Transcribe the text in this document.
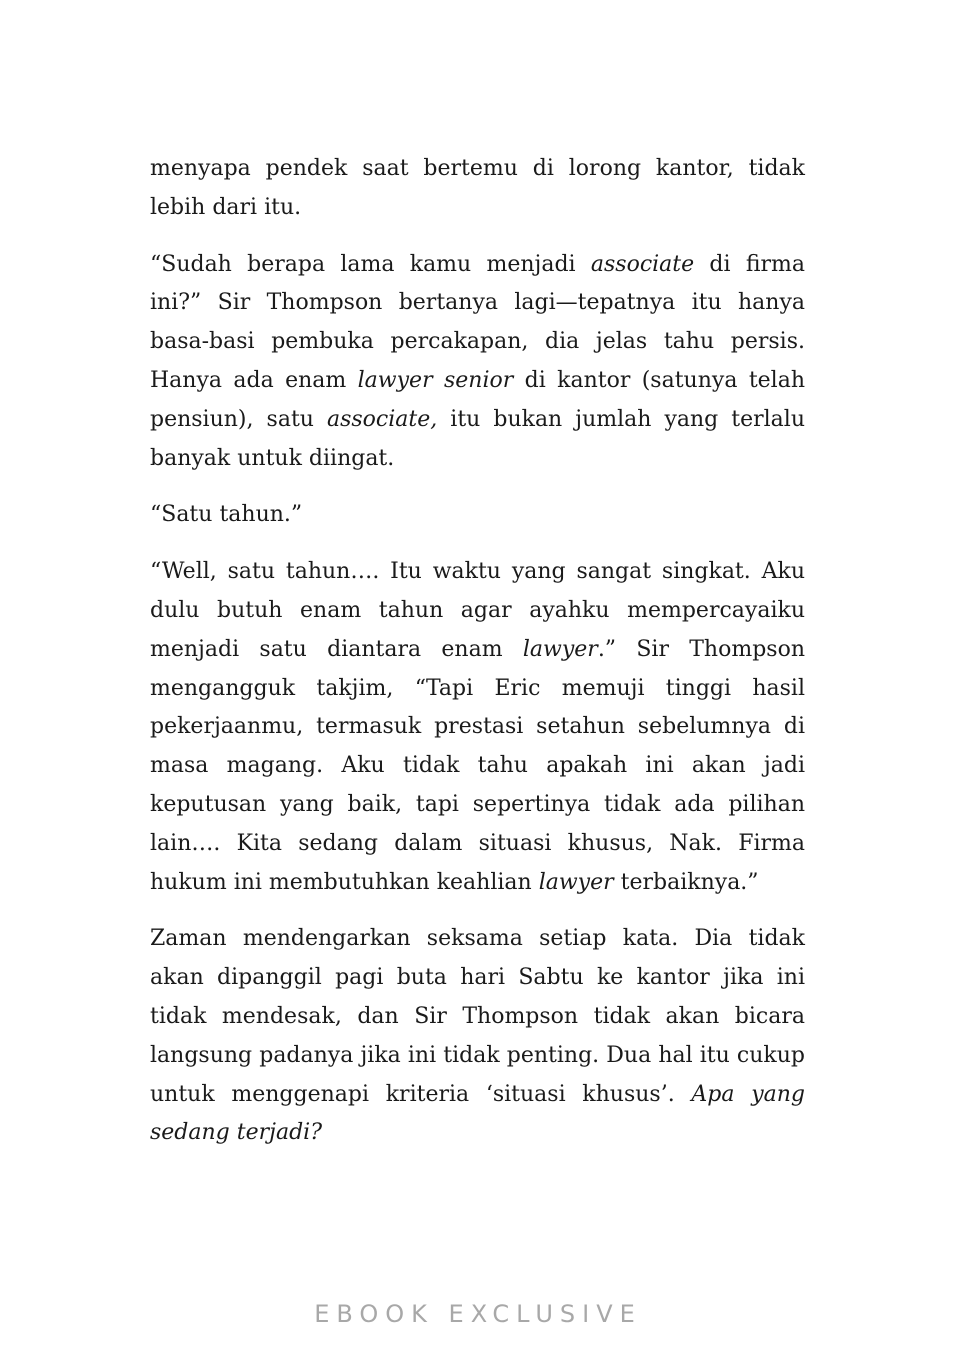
menyapa pendek saat bertemu di lorong kantor, tidak lebih dari itu.

“Sudah berapa lama kamu menjadi associate di firma ini?” Sir Thompson bertanya lagi—tepatnya itu hanya basa-basi pembuka percakapan, dia jelas tahu persis. Hanya ada enam lawyer senior di kantor (satunya telah pensiun), satu associate, itu bukan jumlah yang terlalu banyak untuk diingat.

“Satu tahun.”

“Well, satu tahun…. Itu waktu yang sangat singkat. Aku dulu butuh enam tahun agar ayahku mempercayaiku menjadi satu diantara enam lawyer.” Sir Thompson mengangguk takjim, “Tapi Eric memuji tinggi hasil pekerjaanmu, termasuk prestasi setahun sebelumnya di masa magang. Aku tidak tahu apakah ini akan jadi keputusan yang baik, tapi sepertinya tidak ada pilihan lain…. Kita sedang dalam situasi khusus, Nak. Firma hukum ini membutuhkan keahlian lawyer terbaiknya.”

Zaman mendengarkan seksama setiap kata. Dia tidak akan dipanggil pagi buta hari Sabtu ke kantor jika ini tidak mendesak, dan Sir Thompson tidak akan bicara langsung padanya jika ini tidak penting. Dua hal itu cukup untuk menggenapi kriteria ‘situasi khusus’. Apa yang sedang terjadi?

EBOOK EXCLUSIVE
